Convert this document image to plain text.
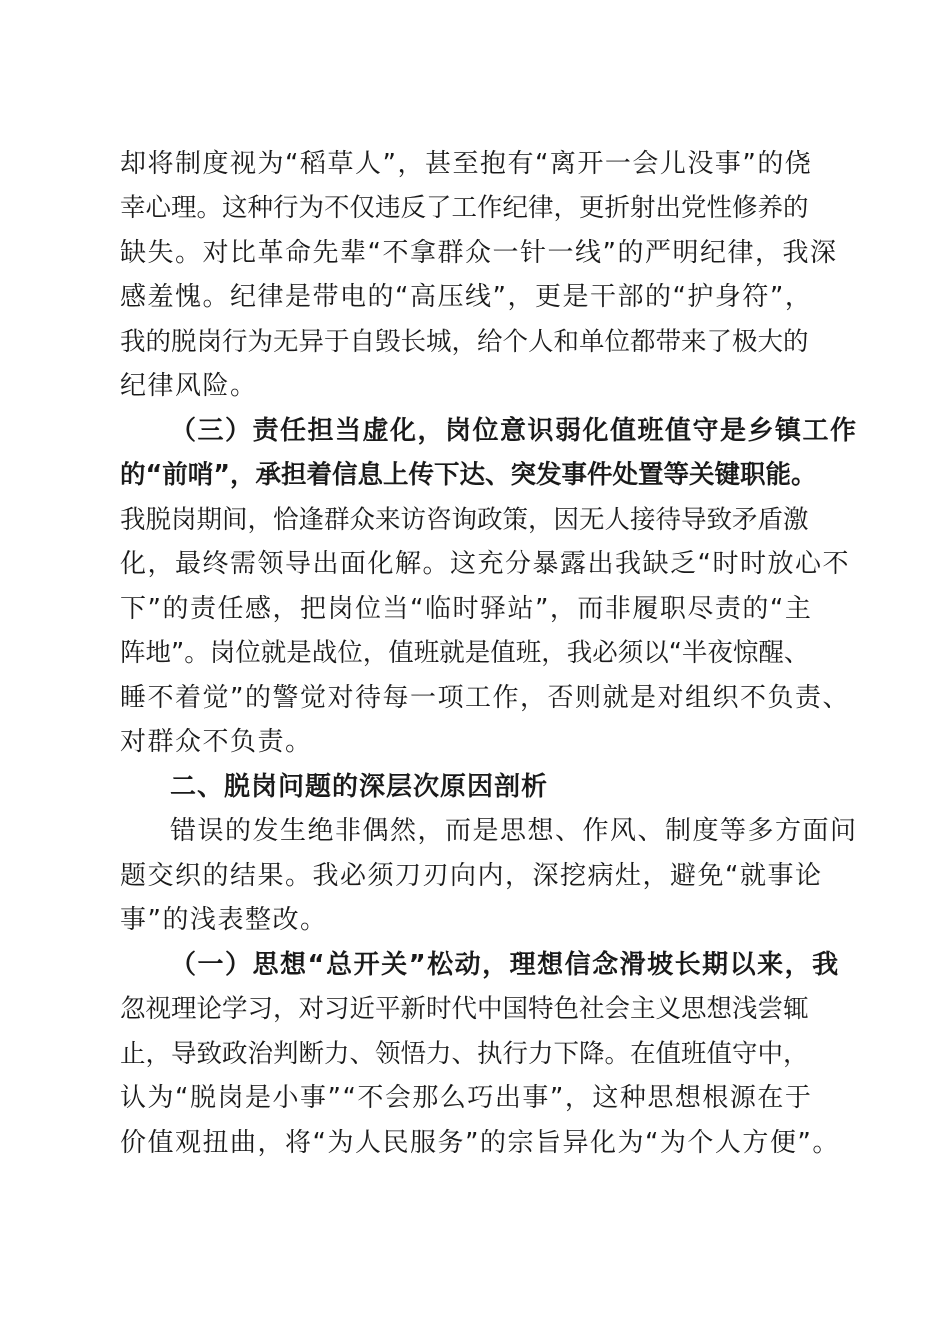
却将制度视为“稻草人”，甚至抱有“离开一会儿没事”的侥
幸心理。这种行为不仅违反了工作纪律，更折射出党性修养的
缺失。对比革命先辈“不拿群众一针一线”的严明纪律，我深
感羞愧。纪律是带电的“高压线”，更是干部的“护身符”，
我的脱岗行为无异于自毁长城，给个人和单位都带来了极大的
纪律风险。
（三）责任担当虚化，岗位意识弱化值班值守是乡镇工作
的“前哨”，承担着信息上传下达、突发事件处置等关键职能。
我脱岗期间，恰逢群众来访咨询政策，因无人接待导致矛盾激
化，最终需领导出面化解。这充分暴露出我缺乏“时时放心不
下”的责任感，把岗位当“临时驿站”，而非履职尽责的“主
阵地”。岗位就是战位，值班就是值班，我必须以“半夜惊醒、
睡不着觉”的警觉对待每一项工作，否则就是对组织不负责、
对群众不负责。
二、脱岗问题的深层次原因剖析
错误的发生绝非偶然，而是思想、作风、制度等多方面问
题交织的结果。我必须刀刃向内，深挖病灶，避免“就事论
事”的浅表整改。
（一）思想“总开关”松动，理想信念滑坡长期以来，我
忽视理论学习，对习近平新时代中国特色社会主义思想浅尝辄
止，导致政治判断力、领悟力、执行力下降。在值班值守中，
认为“脱岗是小事”“不会那么巧出事”，这种思想根源在于
价值观扭曲，将“为人民服务”的宗旨异化为“为个人方便”。
